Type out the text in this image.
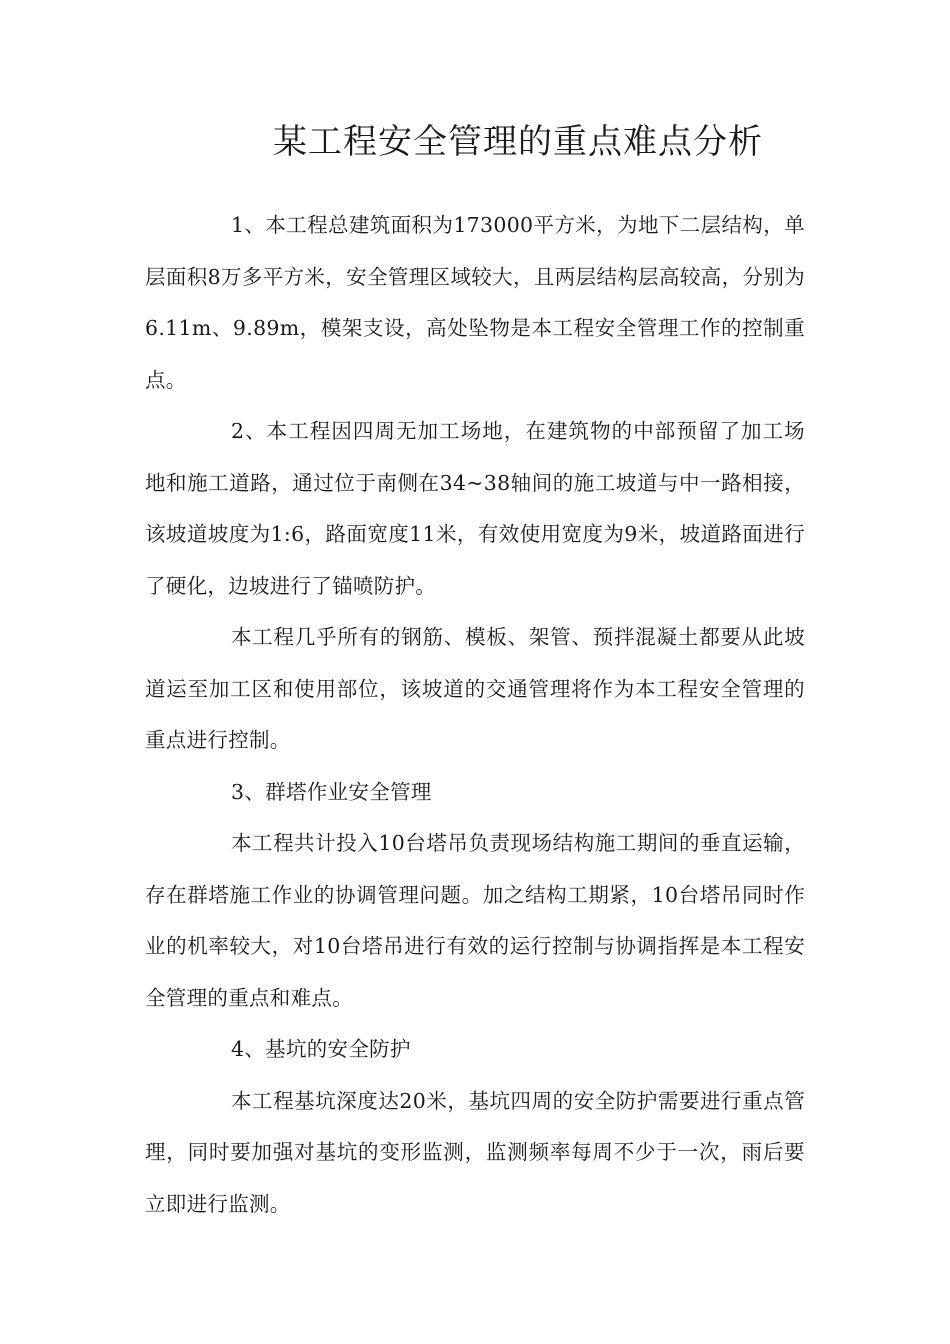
某工程安全管理的重点难点分析

1、本工程总建筑面积为173000平方米，为地下二层结构，单层面积8万多平方米，安全管理区域较大，且两层结构层高较高，分别为6.11m、9.89m，模架支设，高处坠物是本工程安全管理工作的控制重点。

2、本工程因四周无加工场地，在建筑物的中部预留了加工场地和施工道路，通过位于南侧在34~38轴间的施工坡道与中一路相接，该坡道坡度为1:6，路面宽度11米，有效使用宽度为9米，坡道路面进行了硬化，边坡进行了锚喷防护。

本工程几乎所有的钢筋、模板、架管、预拌混凝土都要从此坡道运至加工区和使用部位，该坡道的交通管理将作为本工程安全管理的重点进行控制。

3、群塔作业安全管理

本工程共计投入10台塔吊负责现场结构施工期间的垂直运输，存在群塔施工作业的协调管理问题。加之结构工期紧，10台塔吊同时作业的机率较大，对10台塔吊进行有效的运行控制与协调指挥是本工程安全管理的重点和难点。

4、基坑的安全防护

本工程基坑深度达20米，基坑四周的安全防护需要进行重点管理，同时要加强对基坑的变形监测，监测频率每周不少于一次，雨后要立即进行监测。
